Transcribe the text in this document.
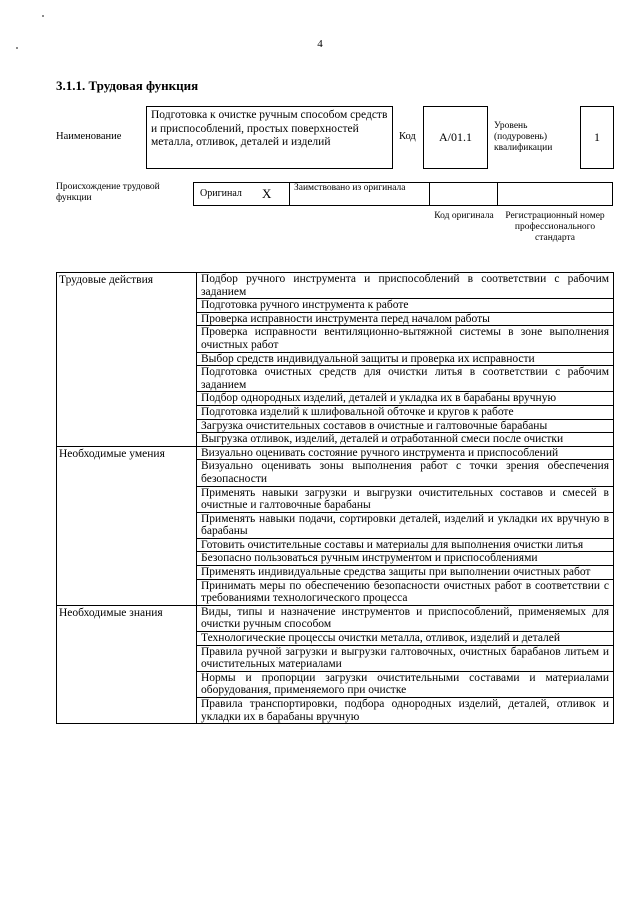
4
3.1.1. Трудовая функция
Наименование
Подготовка к очистке ручным способом средств и приспособлений, простых поверхностей металла, отливок, деталей и изделий	Код	А/01.1
Уровень (подуровень) квалификации
1
Происхождение трудовой функции	Оригинал X Заимствовано из оригинала
Код оригинала	Регистрационный номер профессионального стандарта
Трудовые действия	Подбор ручного инструмента и приспособлений в соответствии с рабочим заданием
	Подготовка ручного инструмента к работе
	Проверка исправности инструмента перед началом работы
	Проверка исправности вентиляционно-вытяжной системы в зоне выполнения очистных работ
	Выбор средств индивидуальной защиты и проверка их исправности
	Подготовка очистных средств для очистки литья в соответствии с рабочим заданием
	Подбор однородных изделий, деталей и укладка их в барабаны вручную
	Подготовка изделий к шлифовальной обточке и кругов к работе
	Загрузка очистительных составов в очистные и галтовочные барабаны
	Выгрузка отливок, изделий, деталей и отработанной смеси после очистки
Необходимые умения	Визуально оценивать состояние ручного инструмента и приспособлений
	Визуально оценивать зоны выполнения работ с точки зрения обеспечения безопасности
	Применять навыки загрузки и выгрузки очистительных составов и смесей в очистные и галтовочные барабаны
	Применять навыки подачи, сортировки деталей, изделий и укладки их вручную в барабаны
	Готовить очистительные составы и материалы для выполнения очистки литья
	Безопасно пользоваться ручным инструментом и приспособлениями
	Применять индивидуальные средства защиты при выполнении очистных работ
	Принимать меры по обеспечению безопасности очистных работ в соответствии с требованиями технологического процесса
Необходимые знания	Виды, типы и назначение инструментов и приспособлений, применяемых для очистки ручным способом
	Технологические процессы очистки металла, отливок, изделий и деталей
	Правила ручной загрузки и выгрузки галтовочных, очистных барабанов литьем и очистительных материалами
	Нормы и пропорции загрузки очистительными составами и материалами оборудования, применяемого при очистке
	Правила транспортировки, подбора однородных изделий, деталей, отливок и укладки их в барабаны вручную
